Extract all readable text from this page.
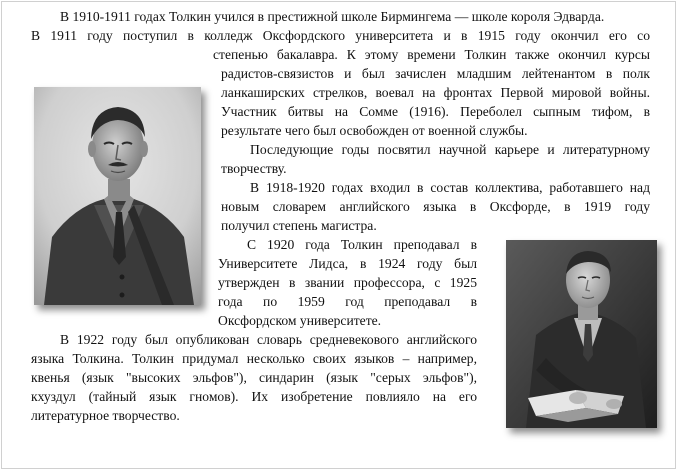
В 1910-1911 годах Толкин учился в престижной школе Бирмингема — школе короля Эдварда.

В 1911 году поступил в колледж Оксфордского университета и в 1915 году окончил его со

степенью бакалавра. К этому времени Толкин также окончил курсы

радистов-связистов и был зачислен младшим лейтенантом в полк

ланкаширских стрелков, воевал на фронтах Первой мировой войны.

Участник битвы на Сомме (1916). Переболел сыпным тифом, в

результате чего был освобожден от военной службы.

Последующие годы посвятил научной карьере и литературному

творчеству.

В 1918-1920 годах входил в состав коллектива, работавшего над

новым словарем английского языка в Оксфорде, в 1919 году

получил степень магистра.

С 1920 года Толкин преподавал в

Университете Лидса, в 1924 году был

утвержден в звании профессора, с 1925

года по 1959 год преподавал в

Оксфордском университете.

В 1922 году был опубликован словарь средневекового английского

языка Толкина. Толкин придумал несколько своих языков – например,

квенья (язык "высоких эльфов"), синдарин (язык "серых эльфов"),

кхуздул (тайный язык гномов). Их изобретение повлияло на его

литературное творчество.
